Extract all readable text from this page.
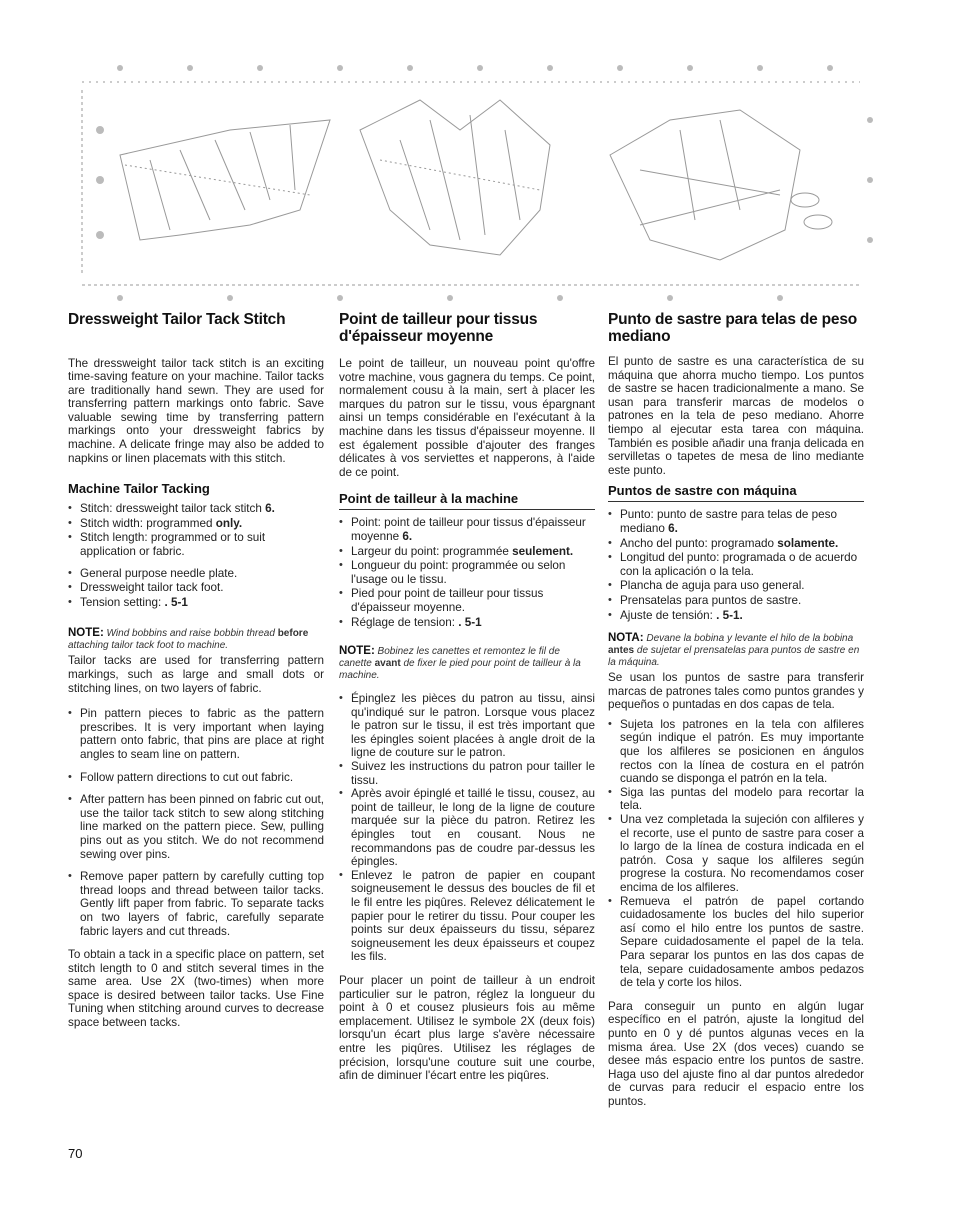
Dressweight Tailor Tack Stitch

The dressweight tailor tack stitch is an exciting time-saving feature on your machine. Tailor tacks are traditionally hand sewn. They are used for transferring pattern markings onto fabric. Save valuable sewing time by transferring pattern markings onto your dressweight fabrics by machine. A delicate fringe may also be added to napkins or linen placemats with this stitch.

Machine Tailor Tacking
• Stitch: dressweight tailor tack stitch 6.
• Stitch width: programmed only.
• Stitch length: programmed or to suit application or fabric.
• General purpose needle plate.
• Dressweight tailor tack foot.
• Tension setting: . 5-1
NOTE: Wind bobbins and raise bobbin thread before attaching tailor tack foot to machine.

Tailor tacks are used for transferring pattern markings, such as large and small dots or stitching lines, on two layers of fabric.

• Pin pattern pieces to fabric as the pattern prescribes. It is very important when laying pattern onto fabric, that pins are place at right angles to seam line on pattern.
• Follow pattern directions to cut out fabric.
• After pattern has been pinned on fabric cut out, use the tailor tack stitch to sew along stitching line marked on the pattern piece. Sew, pulling pins out as you stitch. We do not recommend sewing over pins.
• Remove paper pattern by carefully cutting top thread loops and thread between tailor tacks. Gently lift paper from fabric. To separate tacks on two layers of fabric, carefully separate fabric layers and cut threads.

To obtain a tack in a specific place on pattern, set stitch length to 0 and stitch several times in the same area. Use 2X (two-times) when more space is desired between tailor tacks. Use Fine Tuning when stitching around curves to decrease space between tacks.

Point de tailleur pour tissus d'épaisseur moyenne

Le point de tailleur, un nouveau point qu'offre votre machine, vous gagnera du temps. Ce point, normalement cousu à la main, sert à placer les marques du patron sur le tissu, vous épargnant ainsi un temps considérable en l'exécutant à la machine dans les tissus d'épaisseur moyenne. Il est également possible d'ajouter des franges délicates à vos serviettes et napperons, à l'aide de ce point.

Point de tailleur à la machine
• Point: point de tailleur pour tissus d'épaisseur moyenne 6.
• Largeur du point: programmée seulement.
• Longueur du point: programmée ou selon l'usage ou le tissu.
• Pied pour point de tailleur pour tissus d'épaisseur moyenne.
• Réglage de tension: . 5-1
NOTE: Bobinez les canettes et remontez le fil de canette avant de fixer le pied pour point de tailleur à la machine.
• Épinglez les pièces du patron au tissu, ainsi qu'indiqué sur le patron. Lorsque vous placez le patron sur le tissu, il est très important que les épingles soient placées à angle droit de la ligne de couture sur le patron.
• Suivez les instructions du patron pour tailler le tissu.
• Après avoir épinglé et taillé le tissu, cousez, au point de tailleur, le long de la ligne de couture marquée sur la pièce du patron. Retirez les épingles tout en cousant. Nous ne recommandons pas de coudre par-dessus les épingles.
• Enlevez le patron de papier en coupant soigneusement le dessus des boucles de fil et le fil entre les piqûres. Relevez délicatement le papier pour le retirer du tissu. Pour couper les points sur deux épaisseurs du tissu, séparez soigneusement les deux épaisseurs et coupez les fils.

Pour placer un point de tailleur à un endroit particulier sur le patron, réglez la longueur du point à 0 et cousez plusieurs fois au même emplacement. Utilisez le symbole 2X (deux fois) lorsqu'un écart plus large s'avère nécessaire entre les piqûres. Utilisez les réglages de précision, lorsqu'une couture suit une courbe, afin de diminuer l'écart entre les piqûres.

Punto de sastre para telas de peso mediano

El punto de sastre es una característica de su máquina que ahorra mucho tiempo. Los puntos de sastre se hacen tradicionalmente a mano. Se usan para transferir marcas de modelos o patrones en la tela de peso mediano. Ahorre tiempo al ejecutar esta tarea con máquina. También es posible añadir una franja delicada en servilletas o tapetes de mesa de lino mediante este punto.

Puntos de sastre con máquina
• Punto: punto de sastre para telas de peso mediano 6.
• Ancho del punto: programado solamente.
• Longitud del punto: programada o de acuerdo con la aplicación o la tela.
• Plancha de aguja para uso general.
• Prensatelas para puntos de sastre.
• Ajuste de tensión: . 5-1.
NOTA: Devane la bobina y levante el hilo de la bobina antes de sujetar el prensatelas para puntos de sastre en la máquina.

Se usan los puntos de sastre para transferir marcas de patrones tales como puntos grandes y pequeños o puntadas en dos capas de tela.

• Sujeta los patrones en la tela con alfileres según indique el patrón. Es muy importante que los alfileres se posicionen en ángulos rectos con la línea de costura en el patrón cuando se disponga el patrón en la tela.
• Siga las puntas del modelo para recortar la tela.
• Una vez completada la sujeción con alfileres y el recorte, use el punto de sastre para coser a lo largo de la línea de costura indicada en el patrón. Cosa y saque los alfileres según progrese la costura. No recomendamos coser encima de los alfileres.
• Remueva el patrón de papel cortando cuidadosamente los bucles del hilo superior así como el hilo entre los puntos de sastre. Separe cuidadosamente el papel de la tela. Para separar los puntos en las dos capas de tela, separe cuidadosamente ambos pedazos de tela y corte los hilos.

Para conseguir un punto en algún lugar específico en el patrón, ajuste la longitud del punto en 0 y dé puntos algunas veces en la misma área. Use 2X (dos veces) cuando se desee más espacio entre los puntos de sastre. Haga uso del ajuste fino al dar puntos alrededor de curvas para reducir el espacio entre los puntos.

70
